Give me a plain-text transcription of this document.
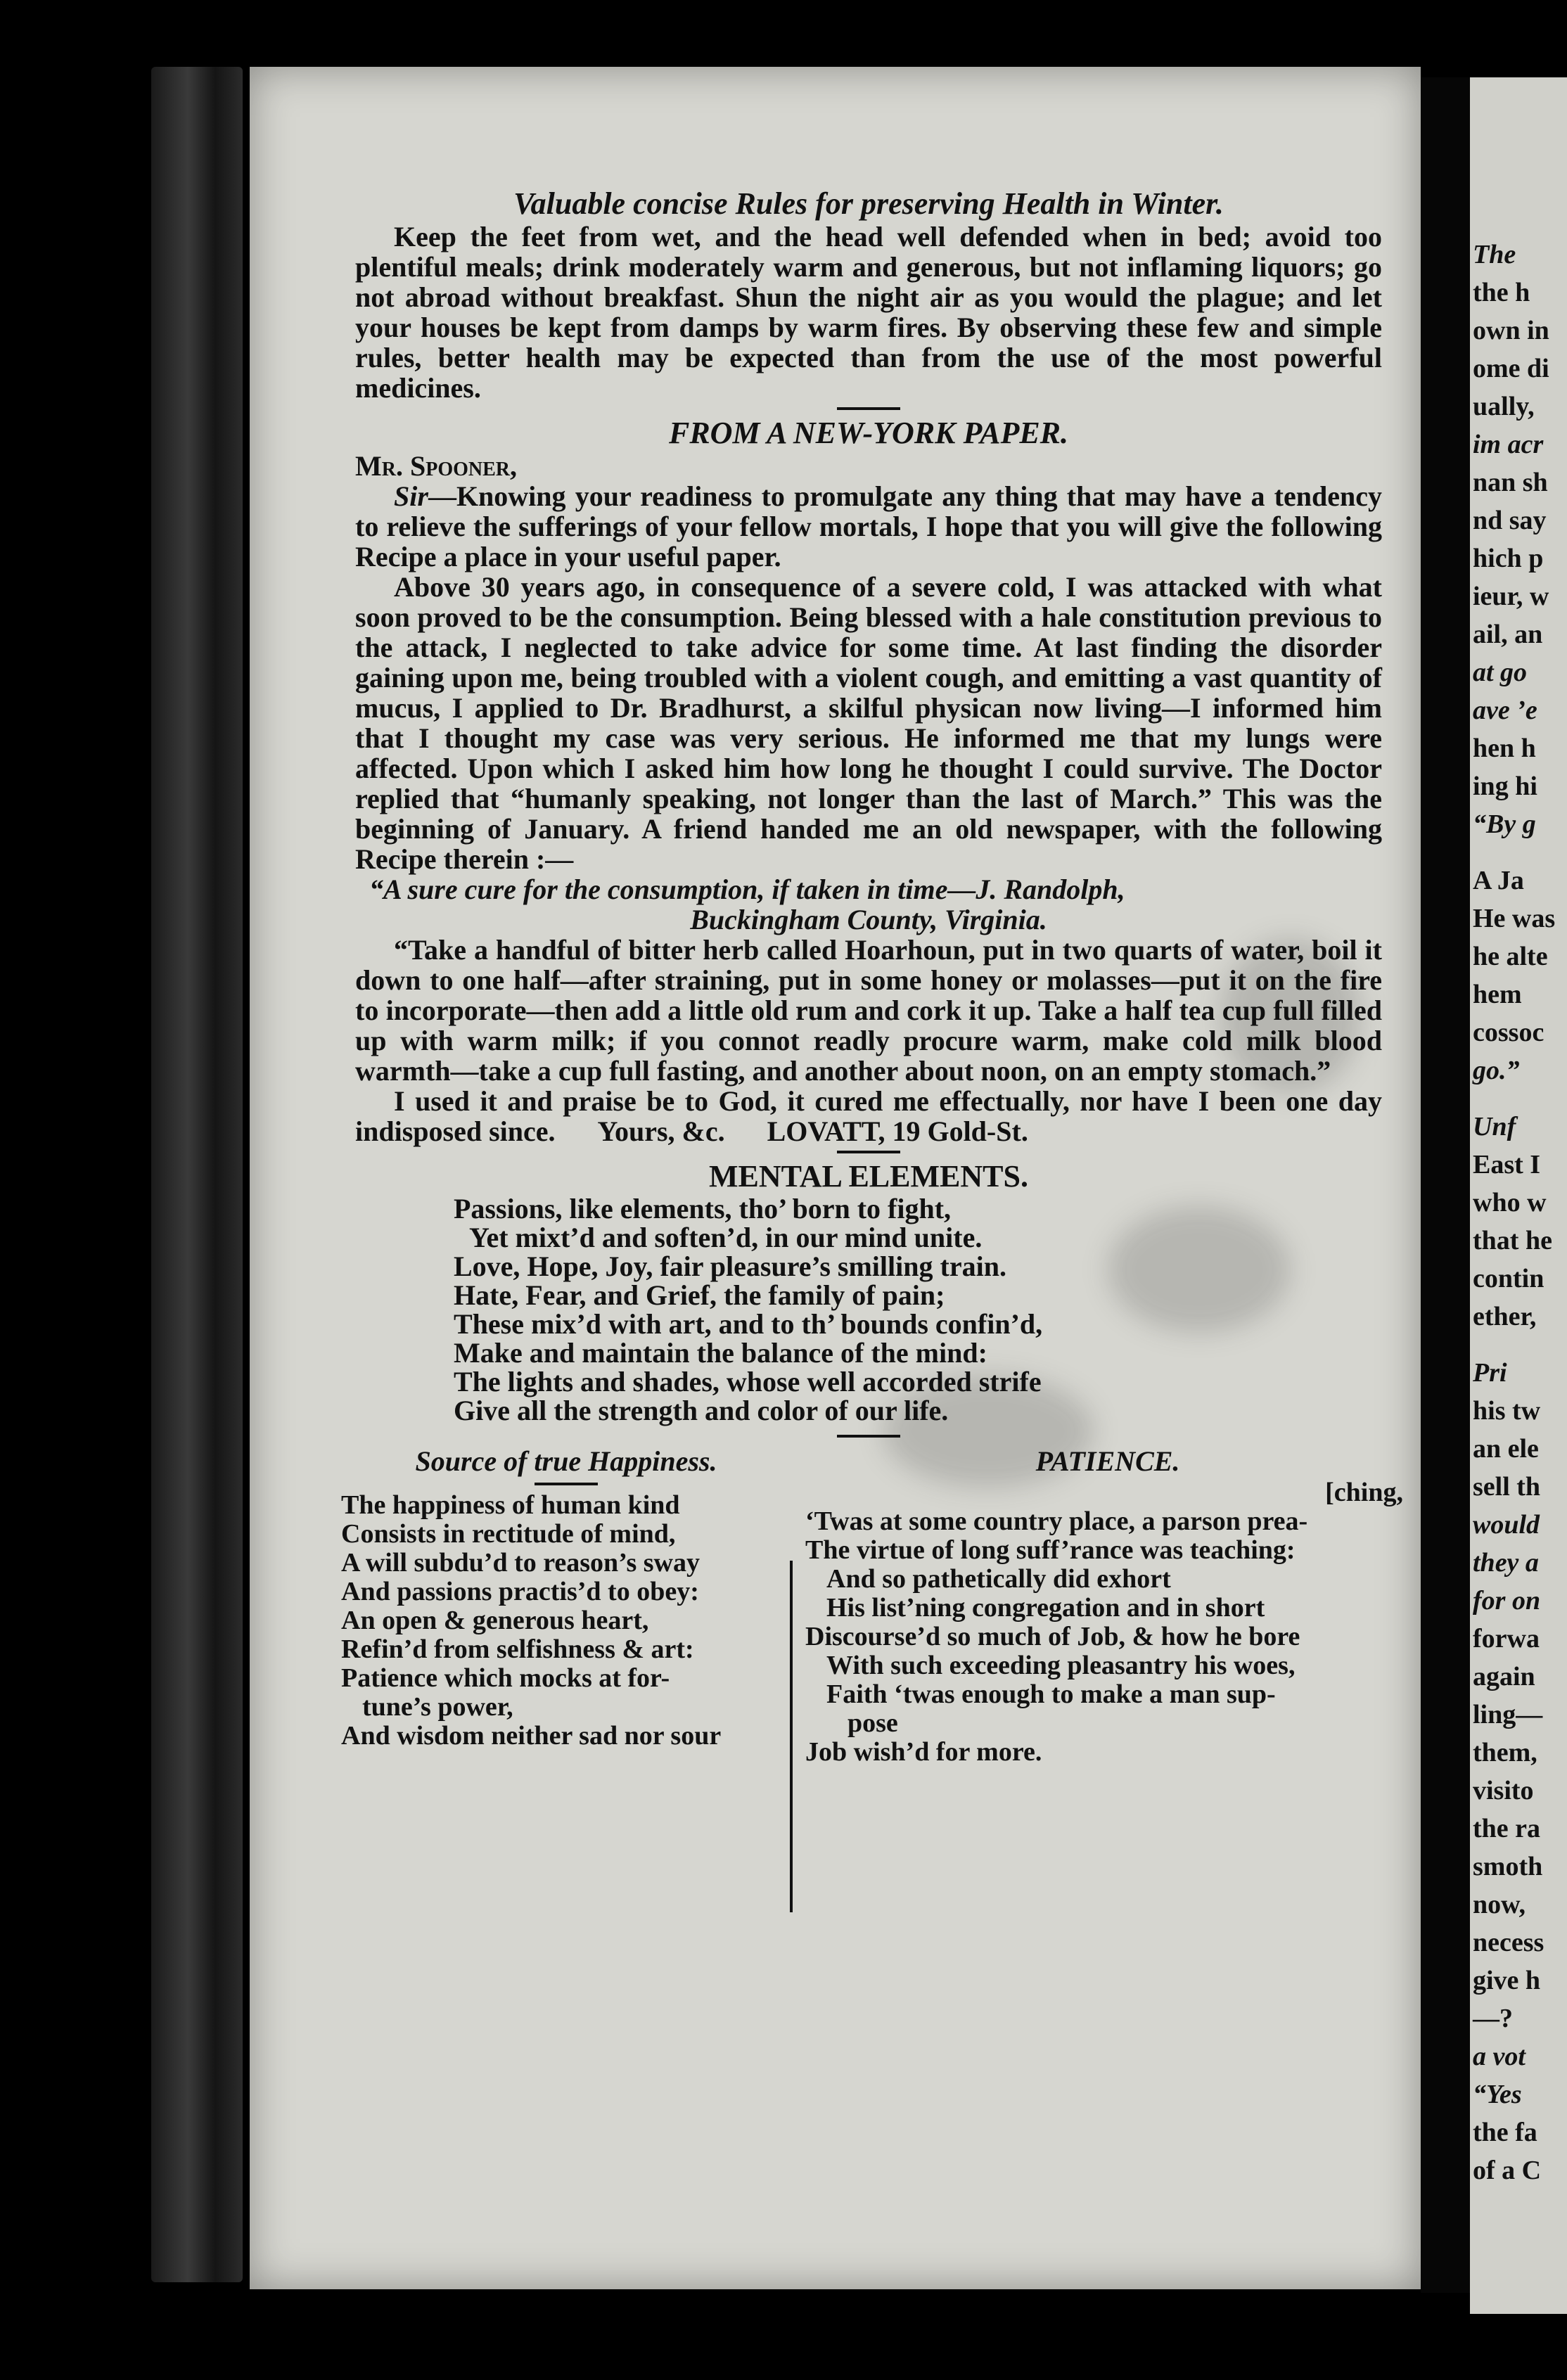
Valuable concise Rules for preserving Health in Winter.

Keep the feet from wet, and the head well defended when in bed; avoid too plentiful meals; drink moderately warm and generous, but not inflaming liquors; go not abroad without breakfast. Shun the night air as you would the plague; and let your houses be kept from damps by warm fires. By observing these few and simple rules, better health may be expected than from the use of the most powerful medicines.

FROM A NEW-YORK PAPER.
Mr. Spooner,

Sir—Knowing your readiness to promulgate any thing that may have a tendency to relieve the sufferings of your fellow mortals, I hope that you will give the following Recipe a place in your useful paper.

Above 30 years ago, in consequence of a severe cold, I was attacked with what soon proved to be the consumption. Being blessed with a hale constitution previous to the attack, I neglected to take advice for some time. At last finding the disorder gaining upon me, being troubled with a violent cough, and emitting a vast quantity of mucus, I applied to Dr. Bradhurst, a skilful physican now living—I informed him that I thought my case was very serious. He informed me that my lungs were affected. Upon which I asked him how long he thought I could survive. The Doctor replied that “humanly speaking, not longer than the last of March.” This was the beginning of January. A friend handed me an old newspaper, with the following Recipe therein :—

“A sure cure for the consumption, if taken in time—J. Randolph,
Buckingham County, Virginia.

“Take a handful of bitter herb called Hoarhoun, put in two quarts of water, boil it down to one half—after straining, put in some honey or molasses—put it on the fire to incorporate—then add a little old rum and cork it up. Take a half tea cup full filled up with warm milk; if you connot readly procure warm, make cold milk blood warmth—take a cup full fasting, and another about noon, on an empty stomach.”

I used it and praise be to God, it cured me effectually, nor have I been one day indisposed since. Yours, &c. LOVATT, 19 Gold-St.

MENTAL ELEMENTS.
Passions, like elements, tho’ born to fight,
Yet mixt’d and soften’d, in our mind unite.
Love, Hope, Joy, fair pleasure’s smilling train.
Hate, Fear, and Grief, the family of pain;
These mix’d with art, and to th’ bounds confin’d,
Make and maintain the balance of the mind:
The lights and shades, whose well accorded strife
Give all the strength and color of our life.
Source of true Happiness.
The happiness of human kind
Consists in rectitude of mind,
A will subdu’d to reason’s sway
And passions practis’d to obey:
An open & generous heart,
Refin’d from selfishness & art:
Patience which mocks at for-
tune’s power,
And wisdom neither sad nor sour
PATIENCE.
[ching,
‘Twas at some country place, a parson prea-
The virtue of long suff’rance was teaching:
And so pathetically did exhort
His list’ning congregation and in short
Discourse’d so much of Job, & how he bore
With such exceeding pleasantry his woes,
Faith ‘twas enough to make a man sup-
pose
Job wish’d for more.
The
the h
own in
ome di
ually,
im acr
nan sh
nd say
hich p
ieur, w
ail, an
at go
ave ’e
hen h
ing hi
“By g
A Ja
He was
he alte
hem
cossoc
go.”
Unf
East I
who w
that he
contin
ether,
Pri
his tw
an ele
sell th
would
they a
for on
forwa
again
ling—
them,
visito
the ra
smoth
now,
necess
give h
—?
a vot
“Yes
the fa
of a C
